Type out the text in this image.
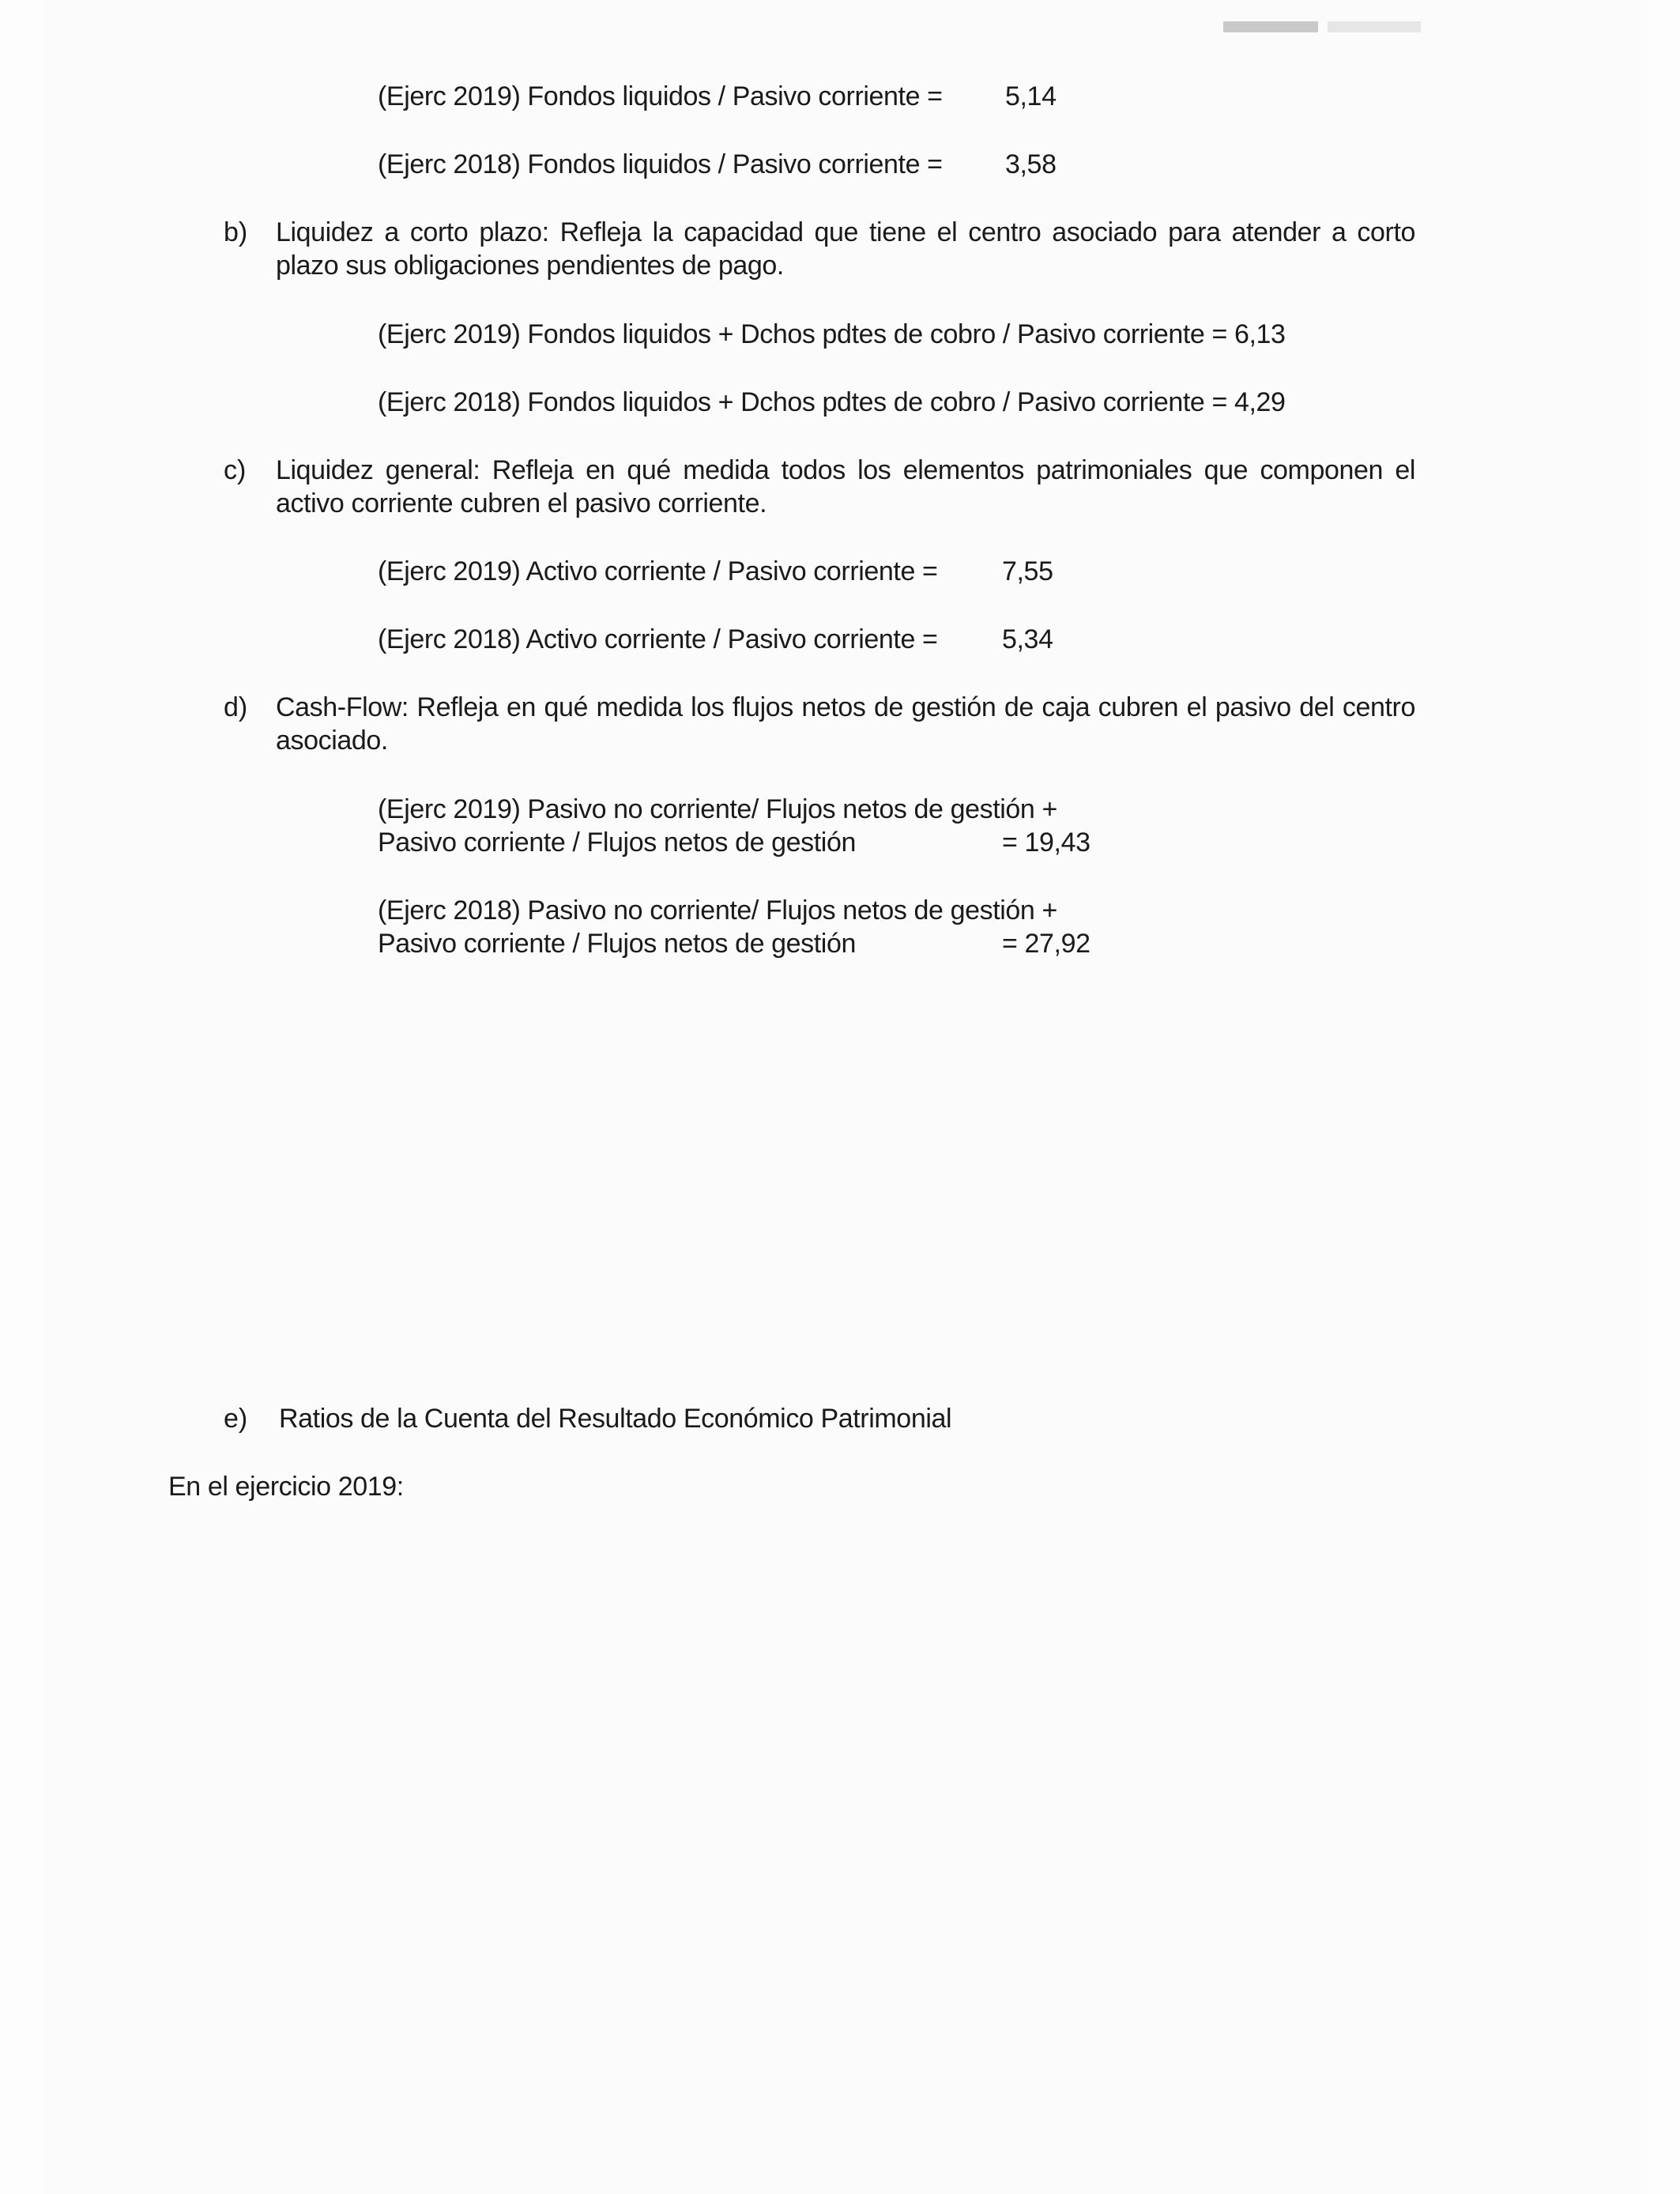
(Ejerc 2019) Fondos liquidos / Pasivo corriente = 5,14
(Ejerc 2018) Fondos liquidos / Pasivo corriente = 3,58
b) Liquidez a corto plazo: Refleja la capacidad que tiene el centro asociado para atender a corto plazo sus obligaciones pendientes de pago.
(Ejerc 2019) Fondos liquidos + Dchos pdtes de cobro / Pasivo corriente = 6,13
(Ejerc 2018) Fondos liquidos + Dchos pdtes de cobro / Pasivo corriente = 4,29
c) Liquidez general: Refleja en qué medida todos los elementos patrimoniales que componen el activo corriente cubren el pasivo corriente.
(Ejerc 2019) Activo corriente / Pasivo corriente = 7,55
(Ejerc 2018) Activo corriente / Pasivo corriente = 5,34
d) Cash-Flow: Refleja en qué medida los flujos netos de gestión de caja cubren el pasivo del centro asociado.
(Ejerc 2019) Pasivo no corriente/ Flujos netos de gestión +
Pasivo corriente / Flujos netos de gestión	= 19,43
(Ejerc 2018) Pasivo no corriente/ Flujos netos de gestión +
Pasivo corriente / Flujos netos de gestión	= 27,92
e) Ratios de la Cuenta del Resultado Económico Patrimonial
En el ejercicio 2019:
